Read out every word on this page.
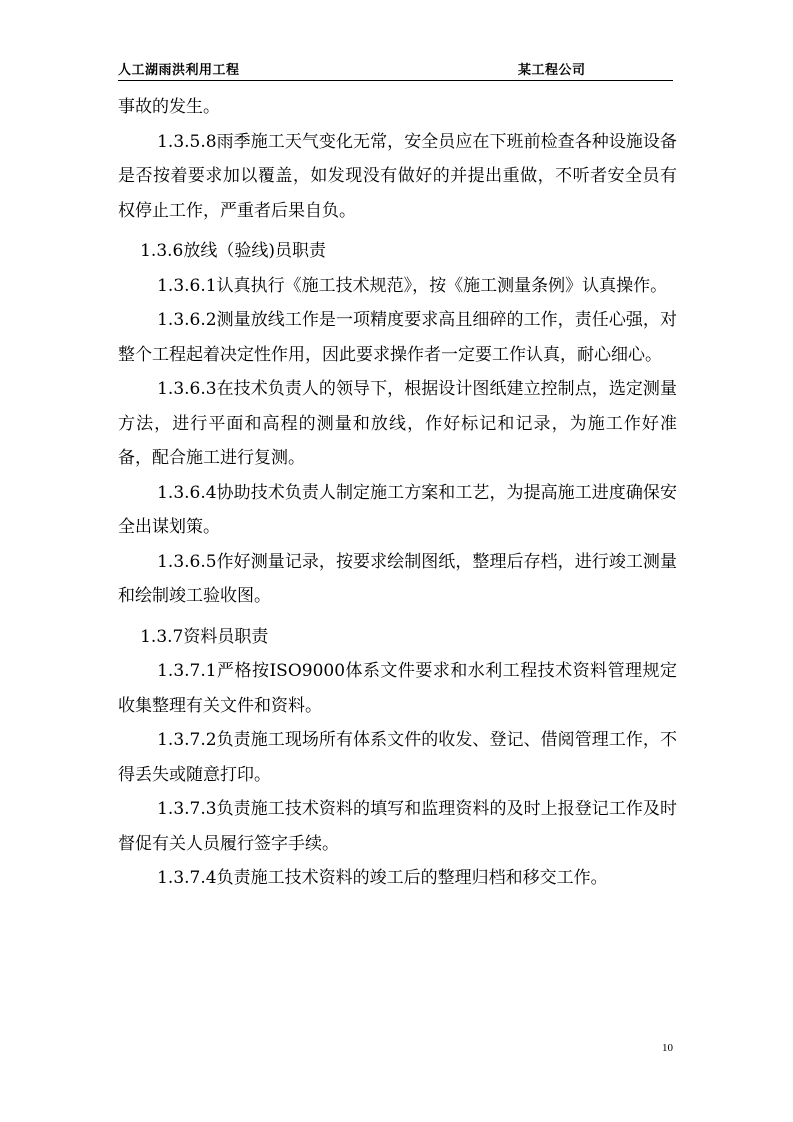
人工湖雨洪利用工程	某工程公司

事故的发生。

1.3.5.8雨季施工天气变化无常，安全员应在下班前检查各种设施设备是否按着要求加以覆盖，如发现没有做好的并提出重做，不听者安全员有权停止工作，严重者后果自负。

1.3.6放线（验线)员职责

1.3.6.1认真执行《施工技术规范》，按《施工测量条例》认真操作。

1.3.6.2测量放线工作是一项精度要求高且细碎的工作，责任心强，对整个工程起着决定性作用，因此要求操作者一定要工作认真，耐心细心。

1.3.6.3在技术负责人的领导下，根据设计图纸建立控制点，选定测量方法，进行平面和高程的测量和放线，作好标记和记录，为施工作好准备，配合施工进行复测。

1.3.6.4协助技术负责人制定施工方案和工艺，为提高施工进度确保安全出谋划策。

1.3.6.5作好测量记录，按要求绘制图纸，整理后存档，进行竣工测量和绘制竣工验收图。

1.3.7资料员职责

1.3.7.1严格按ISO9000体系文件要求和水利工程技术资料管理规定收集整理有关文件和资料。

1.3.7.2负责施工现场所有体系文件的收发、登记、借阅管理工作，不得丢失或随意打印。

1.3.7.3负责施工技术资料的填写和监理资料的及时上报登记工作及时督促有关人员履行签字手续。

1.3.7.4负责施工技术资料的竣工后的整理归档和移交工作。

10
